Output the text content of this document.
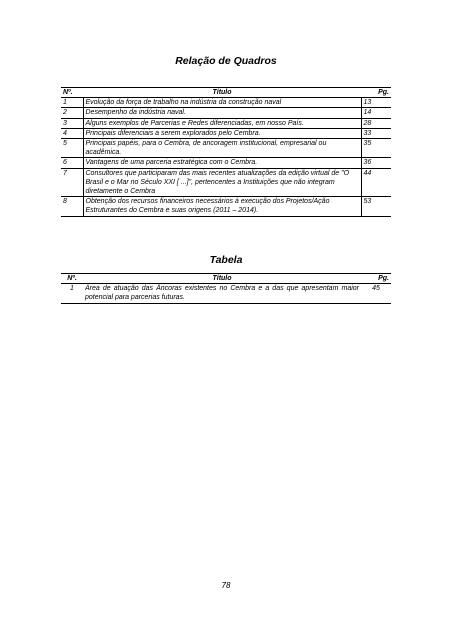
Relação de Quadros
Nº.	Título	Pg.
1	Evolução da força de trabalho na indústria da construção naval	13
2	Desempenho da indústria naval.	14
3	Alguns exemplos de Parcerias e Redes diferenciadas, em nosso País.	28
4	Principais diferenciais a serem explorados pelo Cembra.	33
5	Principais papéis, para o Cembra, de ancoragem institucional, empresarial ou acadêmica.	35
6	Vantagens de uma parceria estratégica com o Cembra.	36
7	Consultores que participaram das mais recentes atualizações da edição virtual de "O Brasil e o Mar no Século XXI [ ...]", pertencentes a Instituições que não integram diretamente o Cembra	44
8	Obtenção dos recursos financeiros necessários à execução dos Projetos/Ação Estruturantes do Cembra e suas origens (2011 – 2014).	53
Tabela
Nº.	Título	Pg.
1	Área de atuação das Âncoras existentes no Cembra e a das que apresentam maior potencial para parcerias futuras.	45
78
